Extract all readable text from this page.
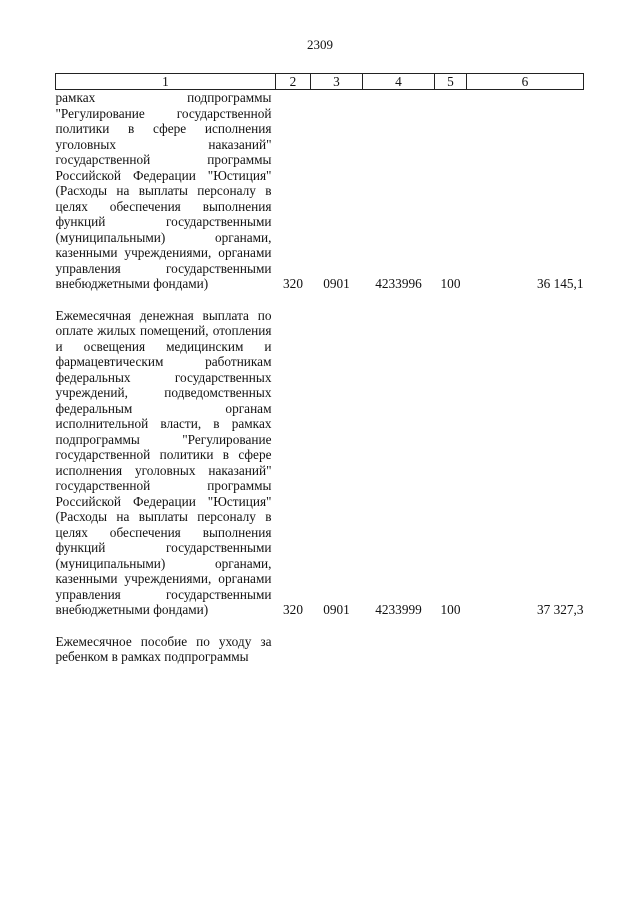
2309
1	2	3	4	5	6
рамках подпрограммы "Регулирование государственной политики в сфере исполнения уголовных наказаний" государственной программы Российской Федерации "Юстиция" (Расходы на выплаты персоналу в целях обеспечения выполнения функций государственными (муниципальными) органами, казенными учреждениями, органами управления государственными внебюджетными фондами)	320	0901	4233996	100	36 145,1
Ежемесячная денежная выплата по оплате жилых помещений, отопления и освещения медицинским и фармацевтическим работникам федеральных государственных учреждений, подведомственных федеральным органам исполнительной власти, в рамках подпрограммы "Регулирование государственной политики в сфере исполнения уголовных наказаний" государственной программы Российской Федерации "Юстиция" (Расходы на выплаты персоналу в целях обеспечения выполнения функций государственными (муниципальными) органами, казенными учреждениями, органами управления государственными внебюджетными фондами)	320	0901	4233999	100	37 327,3
Ежемесячное пособие по уходу за ребенком в рамках подпрограммы					
